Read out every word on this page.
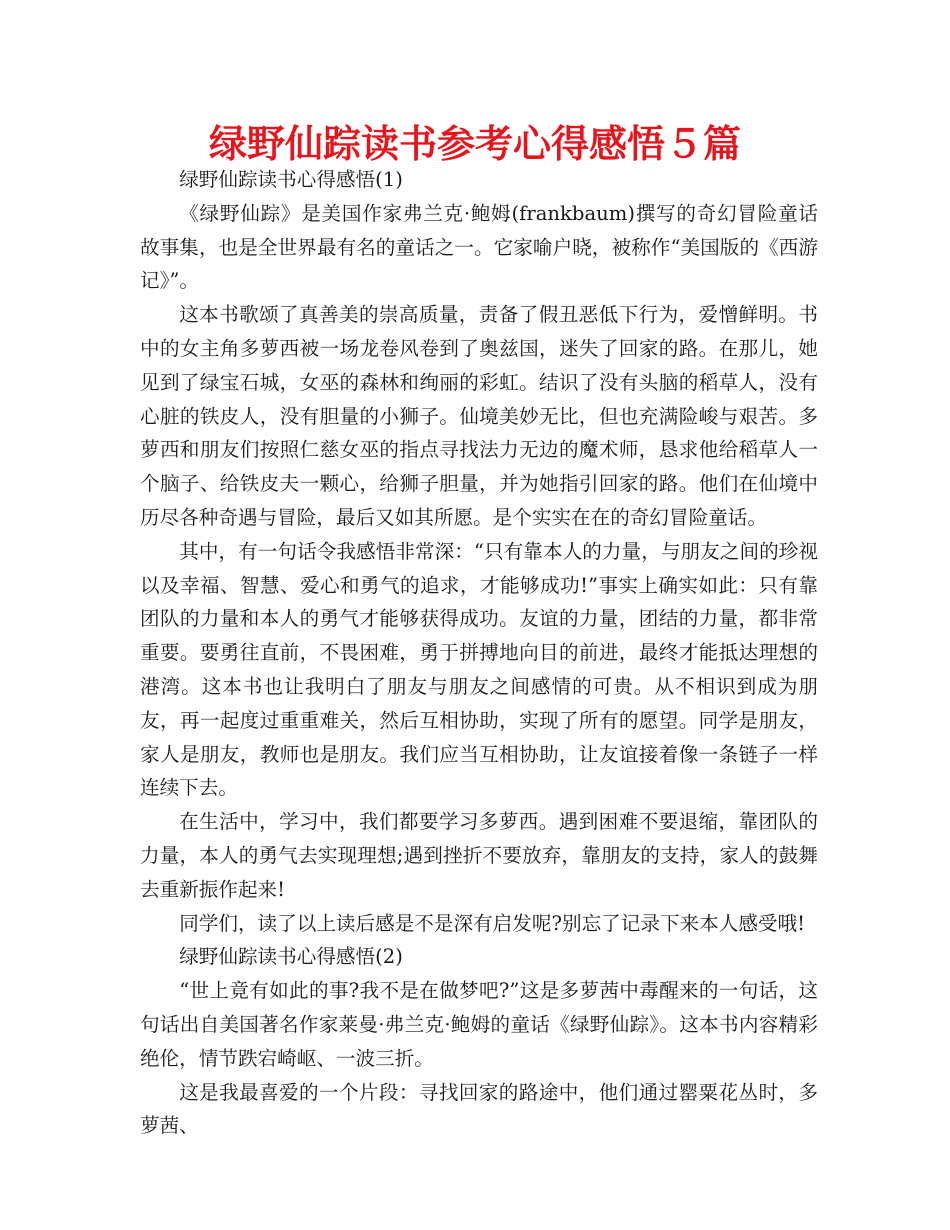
绿野仙踪读书参考心得感悟５篇

绿野仙踪读书心得感悟(1)

《绿野仙踪》是美国作家弗兰克·鲍姆(frankbaum)撰写的奇幻冒险童话故事集，也是全世界最有名的童话之一。它家喻户晓，被称作“美国版的《西游记》”。

这本书歌颂了真善美的崇高质量，责备了假丑恶低下行为，爱憎鲜明。书中的女主角多萝西被一场龙卷风卷到了奥兹国，迷失了回家的路。在那儿，她见到了绿宝石城，女巫的森林和绚丽的彩虹。结识了没有头脑的稻草人，没有心脏的铁皮人，没有胆量的小狮子。仙境美妙无比，但也充满险峻与艰苦。多萝西和朋友们按照仁慈女巫的指点寻找法力无边的魔术师，恳求他给稻草人一个脑子、给铁皮夫一颗心，给狮子胆量，并为她指引回家的路。他们在仙境中历尽各种奇遇与冒险，最后又如其所愿。是个实实在在的奇幻冒险童话。

其中，有一句话令我感悟非常深：“只有靠本人的力量，与朋友之间的珍视以及幸福、智慧、爱心和勇气的追求，才能够成功!”事实上确实如此：只有靠团队的力量和本人的勇气才能够获得成功。友谊的力量，团结的力量，都非常重要。要勇往直前，不畏困难，勇于拼搏地向目的前进，最终才能抵达理想的港湾。这本书也让我明白了朋友与朋友之间感情的可贵。从不相识到成为朋友，再一起度过重重难关，然后互相协助，实现了所有的愿望。同学是朋友，家人是朋友，教师也是朋友。我们应当互相协助，让友谊接着像一条链子一样连续下去。

在生活中，学习中，我们都要学习多萝西。遇到困难不要退缩，靠团队的力量，本人的勇气去实现理想;遇到挫折不要放弃，靠朋友的支持，家人的鼓舞去重新振作起来!

同学们，读了以上读后感是不是深有启发呢?别忘了记录下来本人感受哦!

绿野仙踪读书心得感悟(2)

“世上竟有如此的事?我不是在做梦吧?”这是多萝茜中毒醒来的一句话，这句话出自美国著名作家莱曼·弗兰克·鲍姆的童话《绿野仙踪》。这本书内容精彩绝伦，情节跌宕崎岖、一波三折。

这是我最喜爱的一个片段：寻找回家的路途中，他们通过罂粟花丛时，多萝茜、
